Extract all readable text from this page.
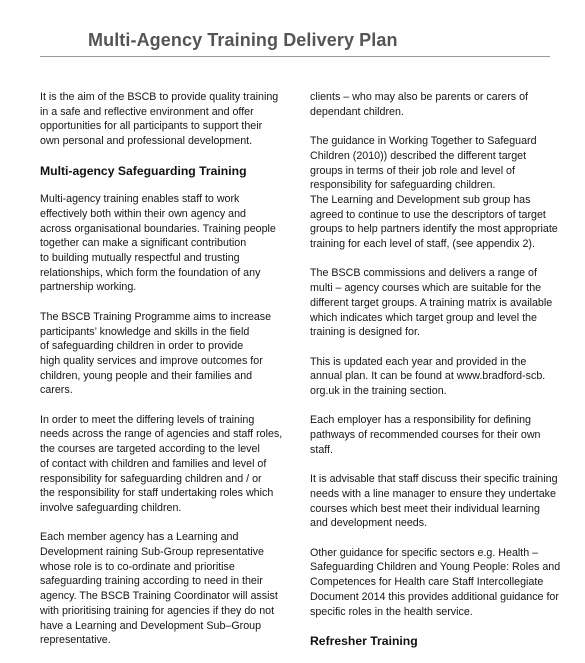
Multi-Agency Training Delivery Plan

It is the aim of the BSCB to provide quality training
in a safe and reflective environment and offer
opportunities for all participants to support their
own personal and professional development.

Multi-agency Safeguarding Training

Multi-agency training enables staff to work
effectively both within their own agency and
across organisational boundaries. Training people
together can make a significant contribution
to building mutually respectful and trusting
relationships, which form the foundation of any
partnership working.

The BSCB Training Programme aims to increase
participants’ knowledge and skills in the field
of safeguarding children in order to provide
high quality services and improve outcomes for
children, young people and their families and
carers.

In order to meet the differing levels of training
needs across the range of agencies and staff roles,
the courses are targeted according to the level
of contact with children and families and level of
responsibility for safeguarding children and / or
the responsibility for staff undertaking roles which
involve safeguarding children.

Each member agency has a Learning and
Development raining Sub-Group representative
whose role is to co-ordinate and prioritise
safeguarding training according to need in their
agency. The BSCB Training Coordinator will assist
with prioritising training for agencies if they do not
have a Learning and Development Sub–Group
representative.

clients – who may also be parents or carers of
dependant children.

The guidance in Working Together to Safeguard
Children (2010)) described the different target
groups in terms of their job role and level of
responsibility for safeguarding children.
The Learning and Development sub group has
agreed to continue to use the descriptors of target
groups to help partners identify the most appropriate
training for each level of staff, (see appendix 2).

The BSCB commissions and delivers a range of
multi – agency courses which are suitable for the
different target groups. A training matrix is available
which indicates which target group and level the
training is designed for.

This is updated each year and provided in the
annual plan. It can be found at www.bradford-scb.
org.uk in the training section.

Each employer has a responsibility for defining
pathways of recommended courses for their own
staff.

It is advisable that staff discuss their specific training
needs with a line manager to ensure they undertake
courses which best meet their individual learning
and development needs.

Other guidance for specific sectors e.g. Health –
Safeguarding Children and Young People: Roles and
Competences for Health care Staff Intercollegiate
Document 2014 this provides additional guidance for
specific roles in the health service.

Refresher Training
